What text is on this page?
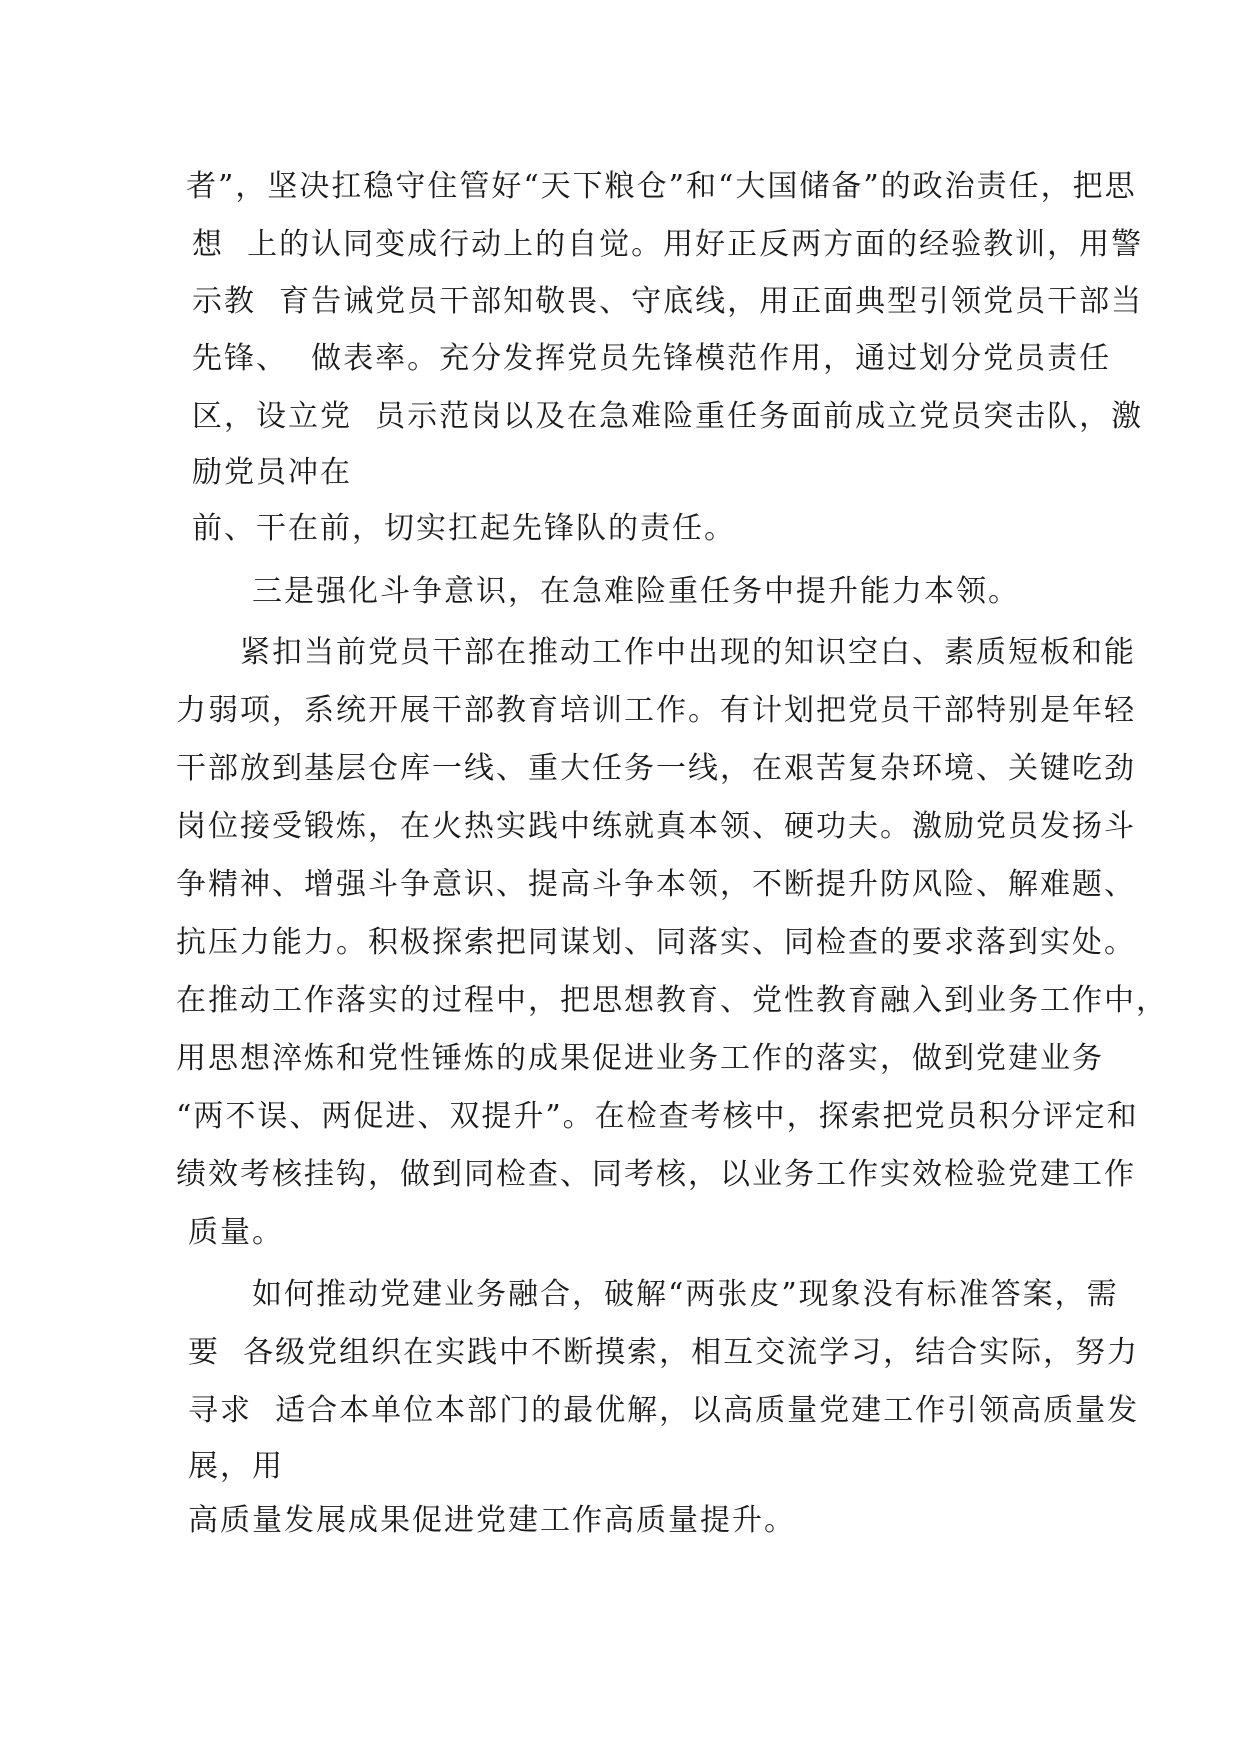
者”，坚决扛稳守住管好“天下粮仓”和“大国储备”的政治责任，把思
想  上的认同变成行动上的自觉。用好正反两方面的经验教训，用警
示教  育告诫党员干部知敬畏、守底线，用正面典型引领党员干部当
先锋、  做表率。充分发挥党员先锋模范作用，通过划分党员责任
区，设立党  员示范岗以及在急难险重任务面前成立党员突击队，激
励党员冲在
前、干在前，切实扛起先锋队的责任。
三是强化斗争意识，在急难险重任务中提升能力本领。
紧扣当前党员干部在推动工作中出现的知识空白、素质短板和能
力弱项，系统开展干部教育培训工作。有计划把党员干部特别是年轻
干部放到基层仓库一线、重大任务一线，在艰苦复杂环境、关键吃劲
岗位接受锻炼，在火热实践中练就真本领、硬功夫。激励党员发扬斗
争精神、增强斗争意识、提高斗争本领，不断提升防风险、解难题、
抗压力能力。积极探索把同谋划、同落实、同检查的要求落到实处。
在推动工作落实的过程中，把思想教育、党性教育融入到业务工作中，
用思想淬炼和党性锤炼的成果促进业务工作的落实，做到党建业务
“两不误、两促进、双提升”。在检查考核中，探索把党员积分评定和
绩效考核挂钩，做到同检查、同考核，以业务工作实效检验党建工作
质量。
如何推动党建业务融合，破解“两张皮”现象没有标准答案，需
要  各级党组织在实践中不断摸索，相互交流学习，结合实际，努力
寻求  适合本单位本部门的最优解，以高质量党建工作引领高质量发
展，用
高质量发展成果促进党建工作高质量提升。
